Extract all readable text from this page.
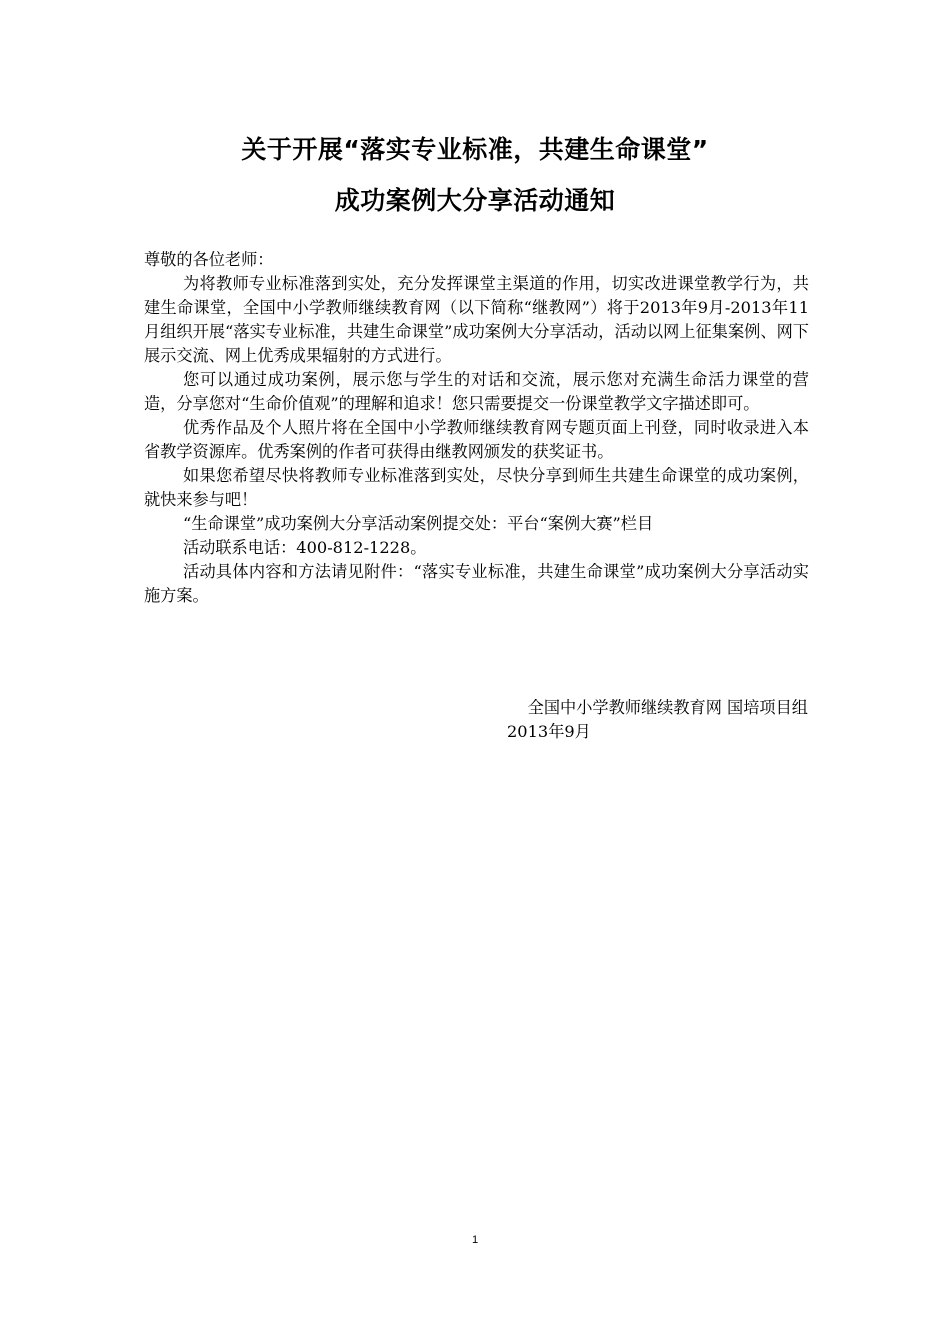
关于开展“落实专业标准，共建生命课堂”
成功案例大分享活动通知

尊敬的各位老师：

为将教师专业标准落到实处，充分发挥课堂主渠道的作用，切实改进课堂教学行为，共建生命课堂，全国中小学教师继续教育网（以下简称“继教网”）将于2013年9月-2013年11月组织开展“落实专业标准，共建生命课堂”成功案例大分享活动，活动以网上征集案例、网下展示交流、网上优秀成果辐射的方式进行。

您可以通过成功案例，展示您与学生的对话和交流，展示您对充满生命活力课堂的营造，分享您对“生命价值观”的理解和追求！您只需要提交一份课堂教学文字描述即可。

优秀作品及个人照片将在全国中小学教师继续教育网专题页面上刊登，同时收录进入本省教学资源库。优秀案例的作者可获得由继教网颁发的获奖证书。

如果您希望尽快将教师专业标准落到实处，尽快分享到师生共建生命课堂的成功案例，就快来参与吧！

“生命课堂”成功案例大分享活动案例提交处：平台“案例大赛”栏目

活动联系电话：400-812-1228。

活动具体内容和方法请见附件：“落实专业标准，共建生命课堂”成功案例大分享活动实施方案。

全国中小学教师继续教育网 国培项目组
2013年9月
1
